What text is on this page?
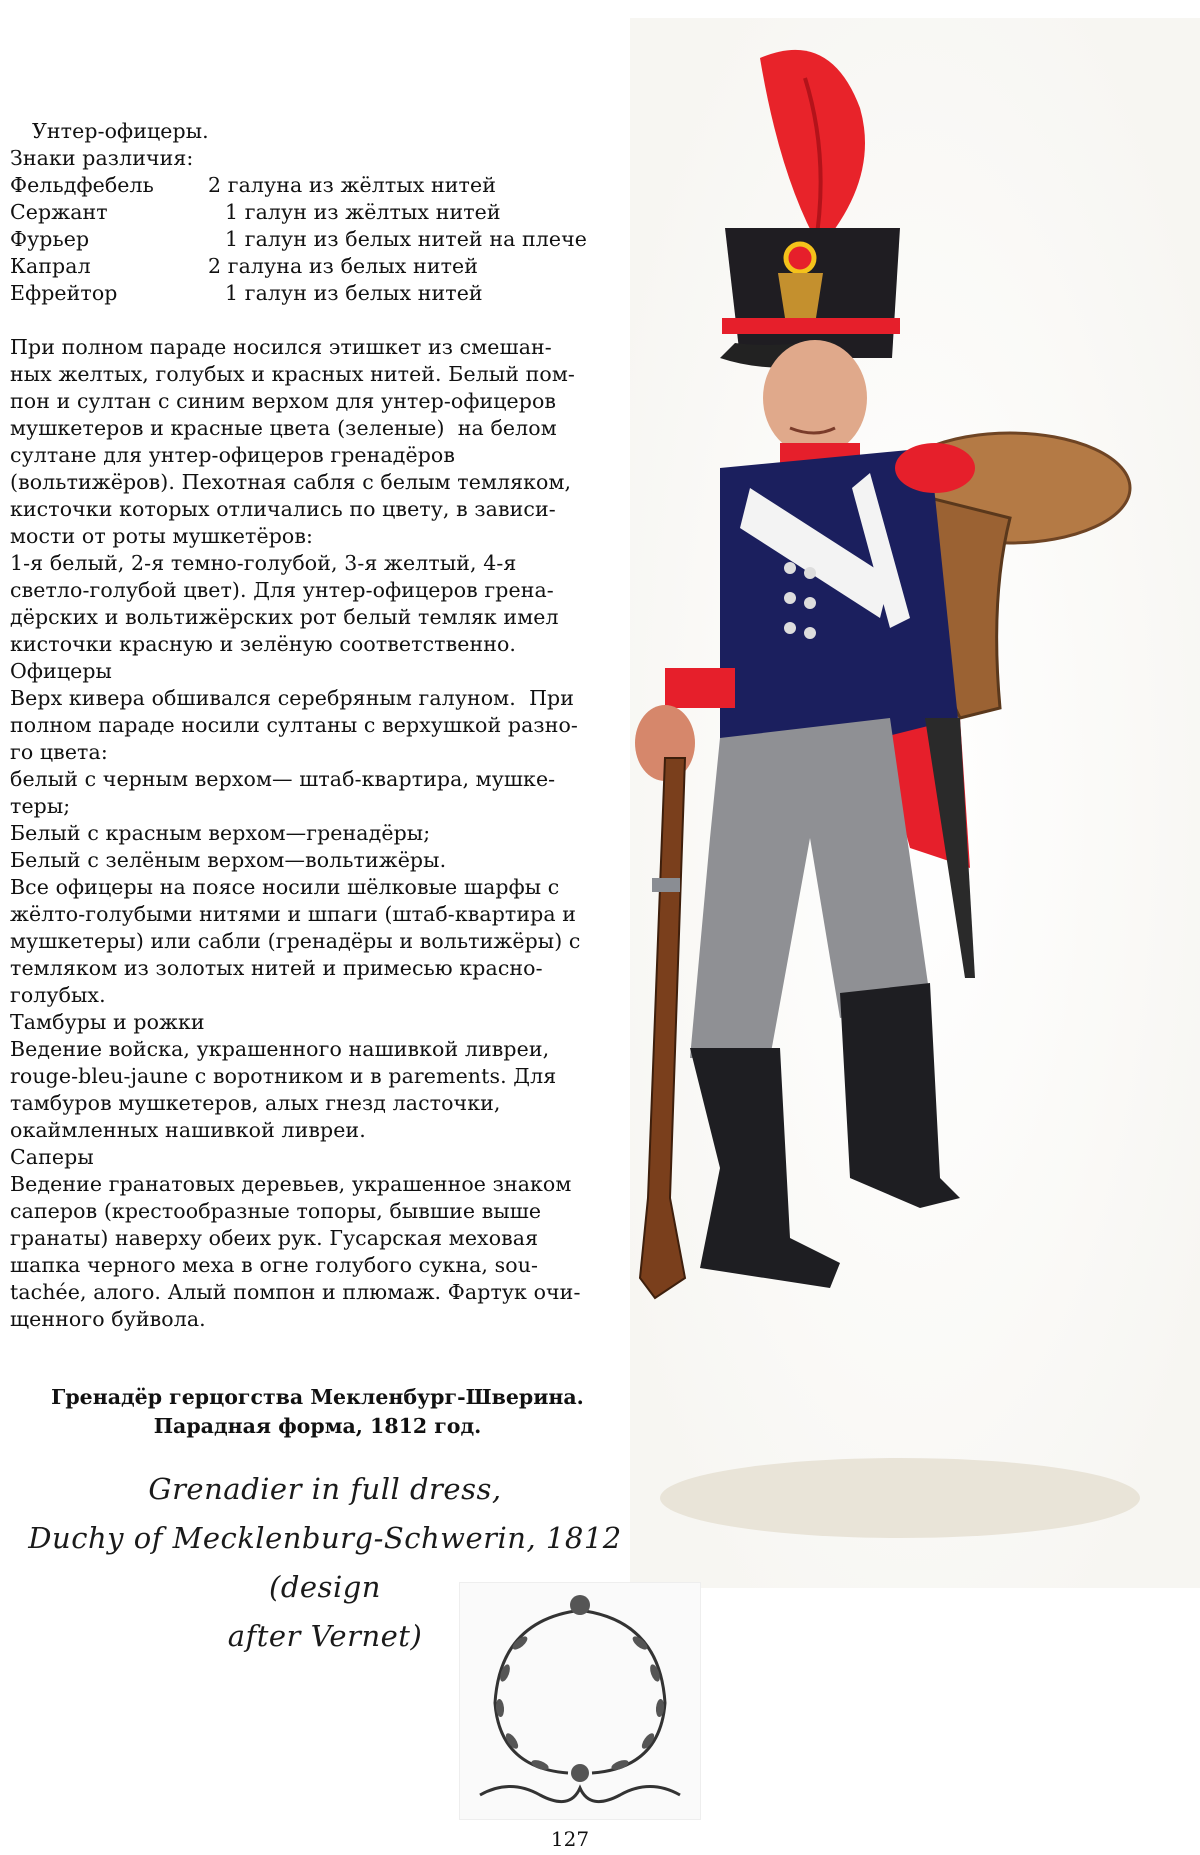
Унтер-офицеры.
Знаки различия:
Фельдфебель	2 галуна из жёлтых нитей
Сержант	1 галун из жёлтых нитей
Фурьер	1 галун из белых нитей на плече
Капрал	2 галуна из белых нитей
Ефрейтор	1 галун из белых нитей
При полном параде носился этишкет из смешан-
ных желтых, голубых и красных нитей. Белый пом-
пон и султан с синим верхом для унтер-офицеров
мушкетеров и красные цвета (зеленые)  на белом
султане для унтер-офицеров гренадёров
(вольтижёров). Пехотная сабля с белым темляком,
кисточки которых отличались по цвету, в зависи-
мости от роты мушкетёров:
1-я белый, 2-я темно-голубой, 3-я желтый, 4-я
светло-голубой цвет). Для унтер-офицеров грена-
дёрских и вольтижёрских рот белый темляк имел
кисточки красную и зелёную соответственно.
Офицеры
Верх кивера обшивался серебряным галуном.  При
полном параде носили султаны с верхушкой разно-
го цвета:
белый с черным верхом— штаб-квартира, мушке-
теры;
Белый с красным верхом—гренадёры;
Белый с зелёным верхом—вольтижёры.
Все офицеры на поясе носили шёлковые шарфы с
жёлто-голубыми нитями и шпаги (штаб-квартира и
мушкетеры) или сабли (гренадёры и вольтижёры) с
темляком из золотых нитей и примесью красно-
голубых.
Тамбуры и рожки
Ведение войска, украшенного нашивкой ливреи,
rouge-bleu-jaune с воротником и в parements. Для
тамбуров мушкетеров, алых гнезд ласточки,
окаймленных нашивкой ливреи.
Саперы
Ведение гранатовых деревьев, украшенное знаком
саперов (крестообразные топоры, бывшие выше
гранаты) наверху обеих рук. Гусарская меховая
шапка черного меха в огне голубого сукна, sou-
tachée, алого. Алый помпон и плюмаж. Фартук очи-
щенного буйвола.
Гренадёр герцогства Мекленбург-Шверина.
Парадная форма, 1812 год.
Grenadier in full dress,
Duchy of Mecklenburg-Schwerin, 1812 (design
after Vernet)
127
